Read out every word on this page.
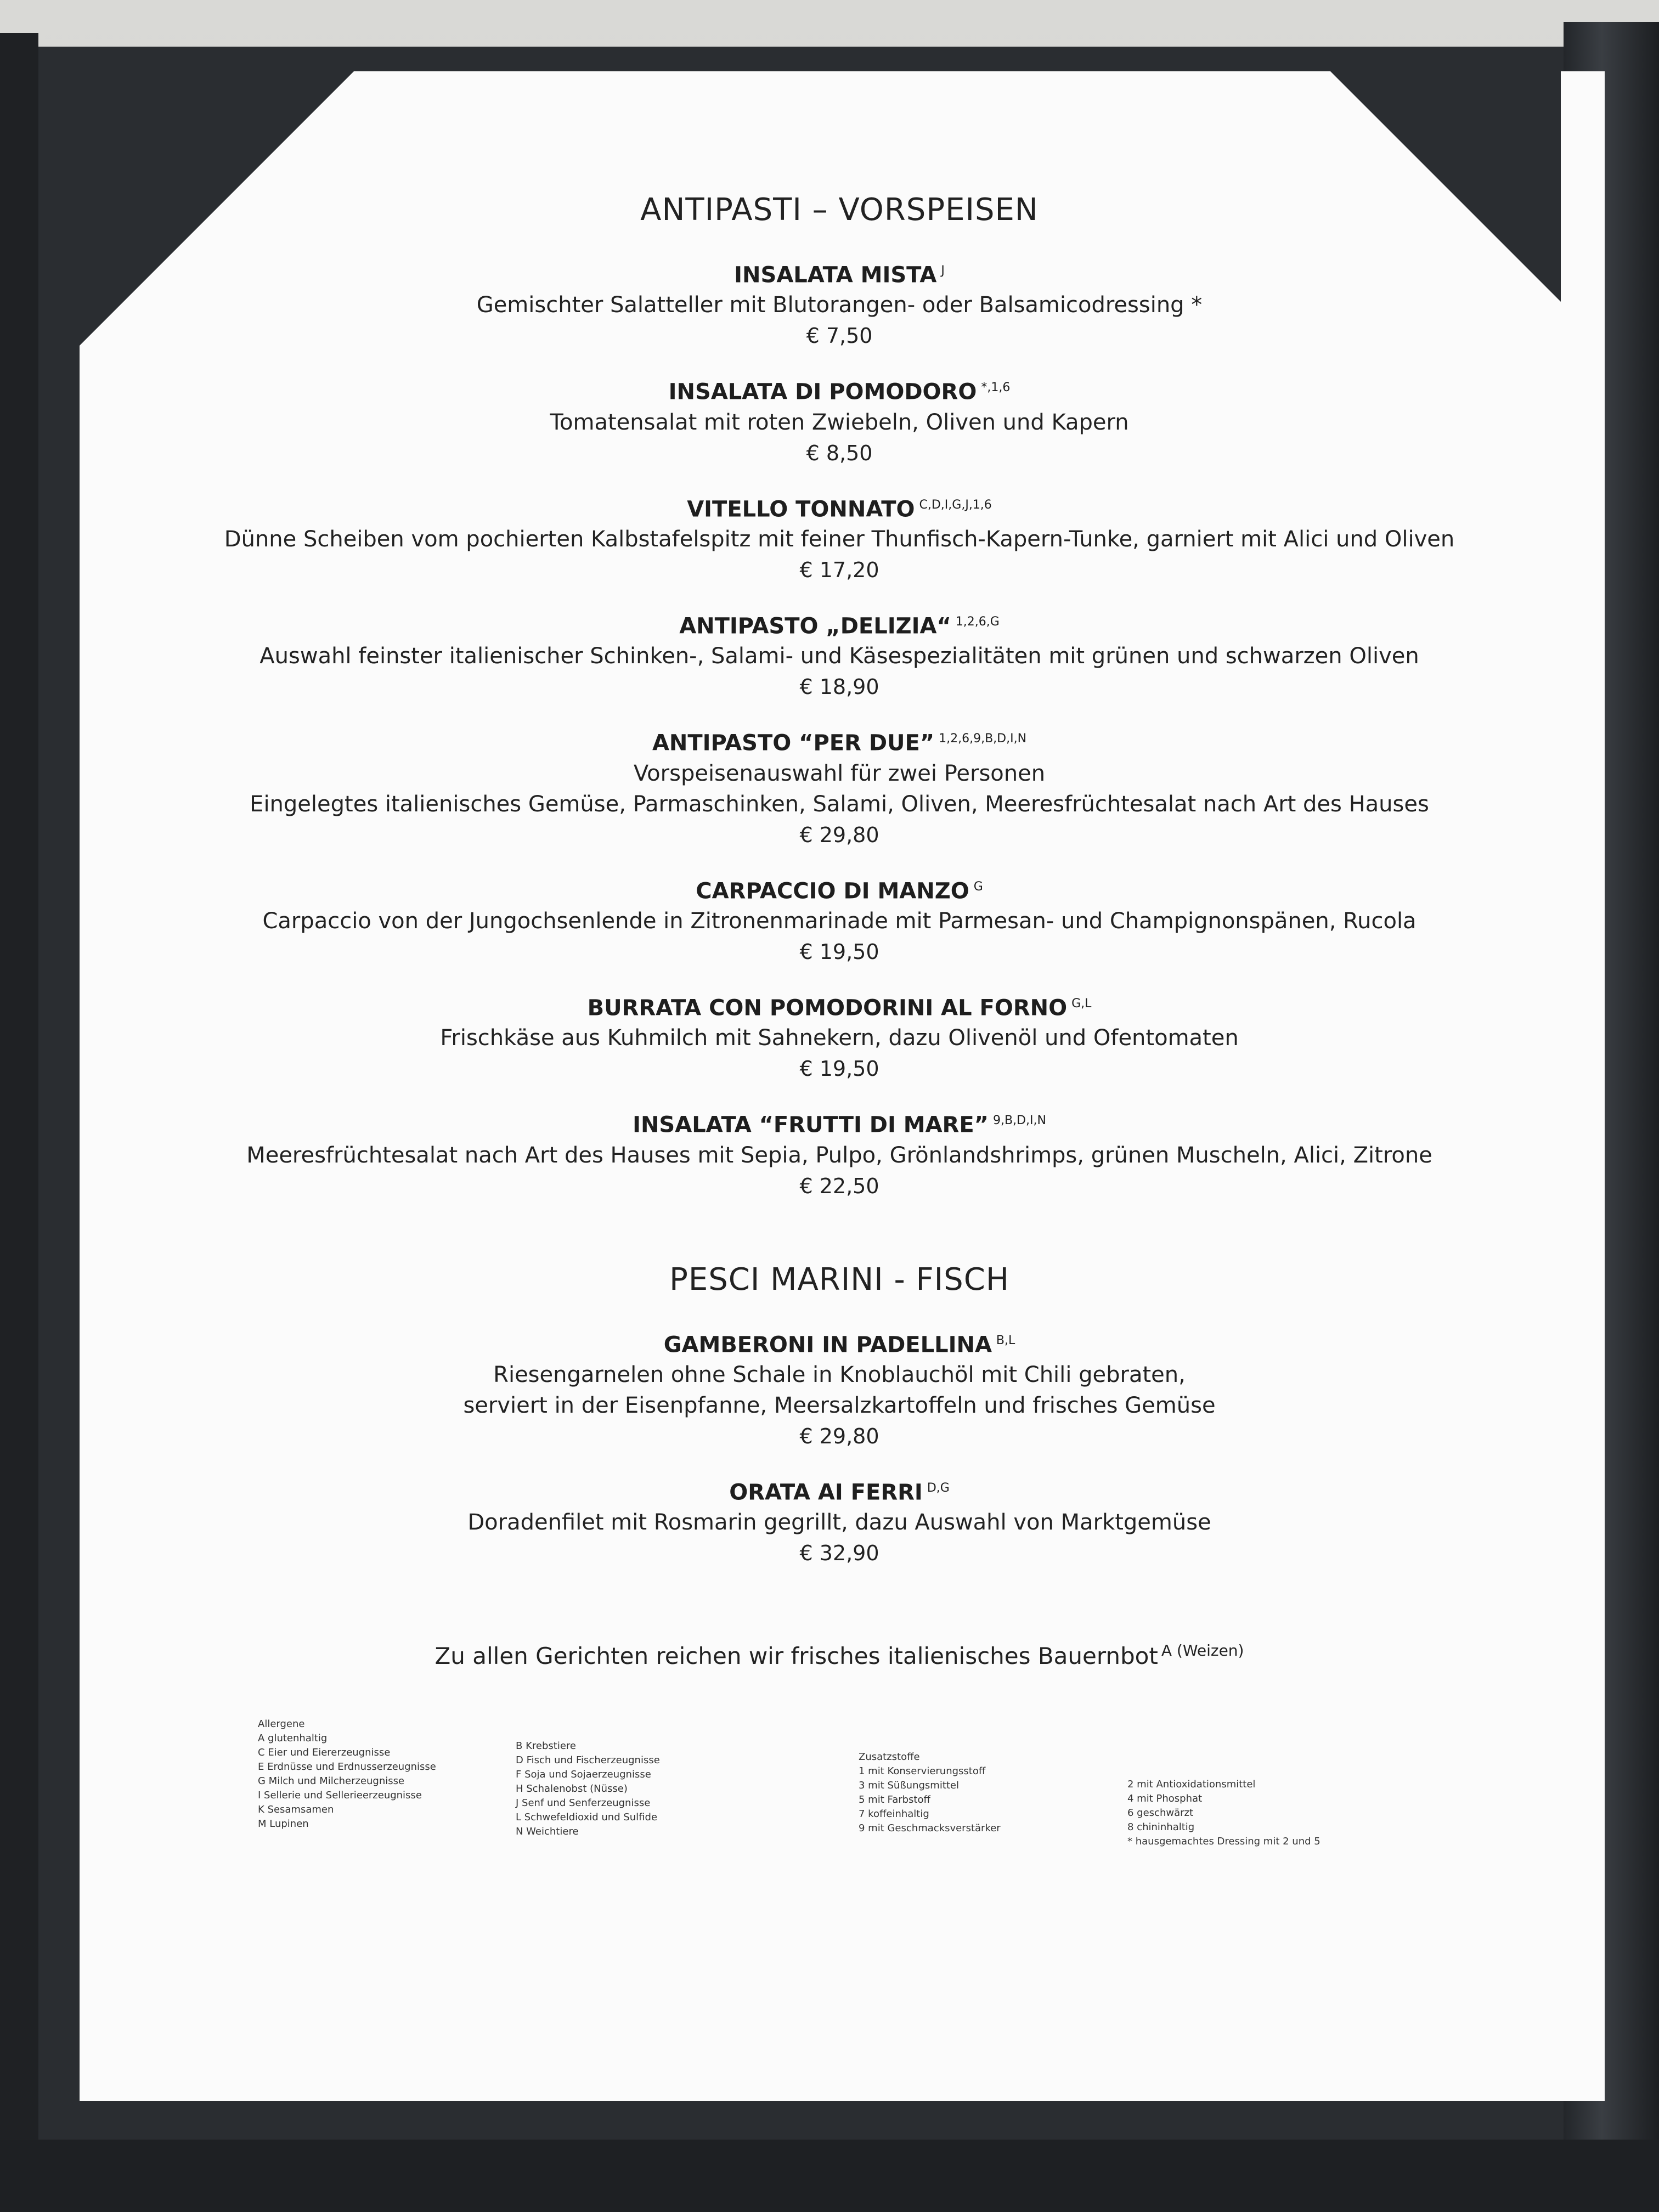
ANTIPASTI – VORSPEISEN
INSALATA MISTA $^J$
Gemischter Salatteller mit Blutorangen- oder Balsamicodressing *
€ 7,50
INSALATA DI POMODORO $^{*,1,6}$
Tomatensalat mit roten Zwiebeln, Oliven und Kapern
€ 8,50
VITELLO TONNATO $^{C,D,I,G,J,1,6}$
Dünne Scheiben vom pochierten Kalbstafelspitz mit feiner Thunfisch-Kapern-Tunke, garniert mit Alici und Oliven
€ 17,20
ANTIPASTO „DELIZIA“ $^{1,2,6,G}$
Auswahl feinster italienischer Schinken-, Salami- und Käsespezialitäten mit grünen und schwarzen Oliven
€ 18,90
ANTIPASTO “PER DUE” $^{1,2,6,9,B,D,I,N}$
Vorspeisenauswahl für zwei Personen
Eingelegtes italienisches Gemüse, Parmaschinken, Salami, Oliven, Meeresfrüchtesalat nach Art des Hauses
€ 29,80
CARPACCIO DI MANZO $^G$
Carpaccio von der Jungochsenlende in Zitronenmarinade mit Parmesan- und Champignonspänen, Rucola
€ 19,50
BURRATA CON POMODORINI AL FORNO $^{G,L}$
Frischkäse aus Kuhmilch mit Sahnekern, dazu Olivenöl und Ofentomaten
€ 19,50
INSALATA “FRUTTI DI MARE” $^{9,B,D,I,N}$
Meeresfrüchtesalat nach Art des Hauses mit Sepia, Pulpo, Grönlandshrimps, grünen Muscheln, Alici, Zitrone
€ 22,50
PESCI MARINI - FISCH
GAMBERONI IN PADELLINA $^{B,L}$
Riesengarnelen ohne Schale in Knoblauchöl mit Chili gebraten,
serviert in der Eisenpfanne, Meersalzkartoffeln und frisches Gemüse
€ 29,80
ORATA AI FERRI $^{D,G}$
Doradenfilet mit Rosmarin gegrillt, dazu Auswahl von Marktgemüse
€ 32,90
Zu allen Gerichten reichen wir frisches italienisches Bauernbot $^{A (Weizen)}$
Allergene
A glutenhaltig
C Eier und Eiererzeugnisse
E Erdnüsse und Erdnusserzeugnisse
G Milch und Milcherzeugnisse
I Sellerie und Sellerieerzeugnisse
K Sesamsamen
M Lupinen
B Krebstiere
D Fisch und Fischerzeugnisse
F Soja und Sojaerzeugnisse
H Schalenobst (Nüsse)
J Senf und Senferzeugnisse
L Schwefeldioxid und Sulfide
N Weichtiere
Zusatzstoffe
1 mit Konservierungsstoff
3 mit Süßungsmittel
5 mit Farbstoff
7 koffeinhaltig
9 mit Geschmacksverstärker
2 mit Antioxidationsmittel
4 mit Phosphat
6 geschwärzt
8 chininhaltig
* hausgemachtes Dressing mit 2 und 5
